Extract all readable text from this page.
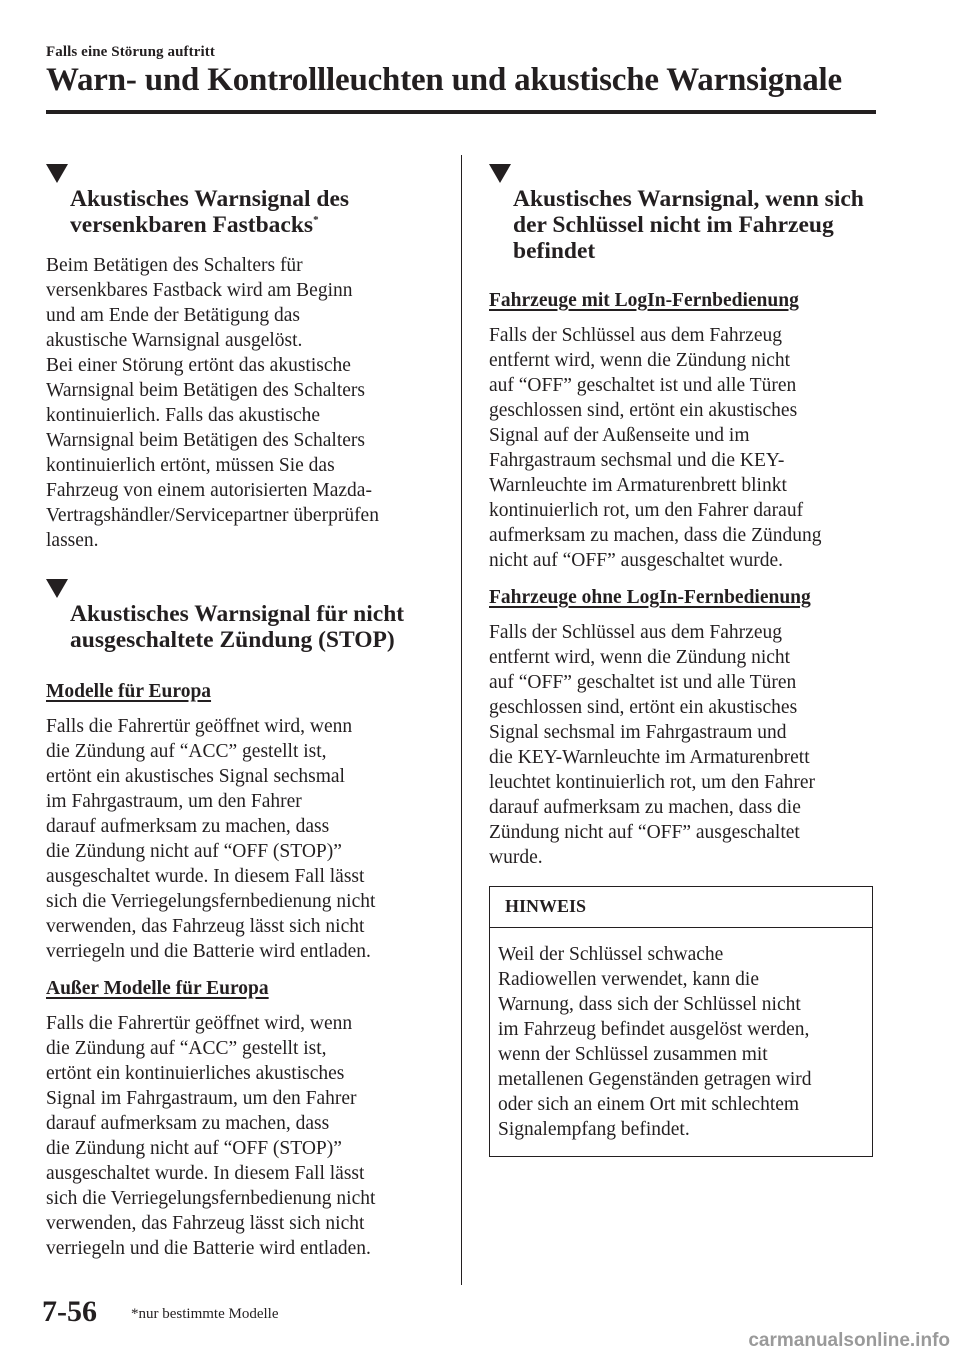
Falls eine Störung auftritt
Warn- und Kontrollleuchten und akustische Warnsignale

Akustisches Warnsignal des
versenkbaren Fastbacks*

Beim Betätigen des Schalters für
versenkbares Fastback wird am Beginn
und am Ende der Betätigung das
akustische Warnsignal ausgelöst.
Bei einer Störung ertönt das akustische
Warnsignal beim Betätigen des Schalters
kontinuierlich. Falls das akustische
Warnsignal beim Betätigen des Schalters
kontinuierlich ertönt, müssen Sie das
Fahrzeug von einem autorisierten Mazda-
Vertragshändler/Servicepartner überprüfen
lassen.

Akustisches Warnsignal für nicht
ausgeschaltete Zündung (STOP)

Modelle für Europa

Falls die Fahrertür geöffnet wird, wenn
die Zündung auf “ACC” gestellt ist,
ertönt ein akustisches Signal sechsmal
im Fahrgastraum, um den Fahrer
darauf aufmerksam zu machen, dass
die Zündung nicht auf “OFF (STOP)”
ausgeschaltet wurde. In diesem Fall lässt
sich die Verriegelungsfernbedienung nicht
verwenden, das Fahrzeug lässt sich nicht
verriegeln und die Batterie wird entladen.

Außer Modelle für Europa

Falls die Fahrertür geöffnet wird, wenn
die Zündung auf “ACC” gestellt ist,
ertönt ein kontinuierliches akustisches
Signal im Fahrgastraum, um den Fahrer
darauf aufmerksam zu machen, dass
die Zündung nicht auf “OFF (STOP)”
ausgeschaltet wurde. In diesem Fall lässt
sich die Verriegelungsfernbedienung nicht
verwenden, das Fahrzeug lässt sich nicht
verriegeln und die Batterie wird entladen.

Akustisches Warnsignal, wenn sich
der Schlüssel nicht im Fahrzeug
befindet

Fahrzeuge mit LogIn-Fernbedienung

Falls der Schlüssel aus dem Fahrzeug
entfernt wird, wenn die Zündung nicht
auf “OFF” geschaltet ist und alle Türen
geschlossen sind, ertönt ein akustisches
Signal auf der Außenseite und im
Fahrgastraum sechsmal und die KEY-
Warnleuchte im Armaturenbrett blinkt
kontinuierlich rot, um den Fahrer darauf
aufmerksam zu machen, dass die Zündung
nicht auf “OFF” ausgeschaltet wurde.

Fahrzeuge ohne LogIn-Fernbedienung

Falls der Schlüssel aus dem Fahrzeug
entfernt wird, wenn die Zündung nicht
auf “OFF” geschaltet ist und alle Türen
geschlossen sind, ertönt ein akustisches
Signal sechsmal im Fahrgastraum und
die KEY-Warnleuchte im Armaturenbrett
leuchtet kontinuierlich rot, um den Fahrer
darauf aufmerksam zu machen, dass die
Zündung nicht auf “OFF” ausgeschaltet
wurde.

HINWEIS
Weil der Schlüssel schwache
Radiowellen verwendet, kann die
Warnung, dass sich der Schlüssel nicht
im Fahrzeug befindet ausgelöst werden,
wenn der Schlüssel zusammen mit
metallenen Gegenständen getragen wird
oder sich an einem Ort mit schlechtem
Signalempfang befindet.
7-56 *nur bestimmte Modelle
carmanualsonline.info
